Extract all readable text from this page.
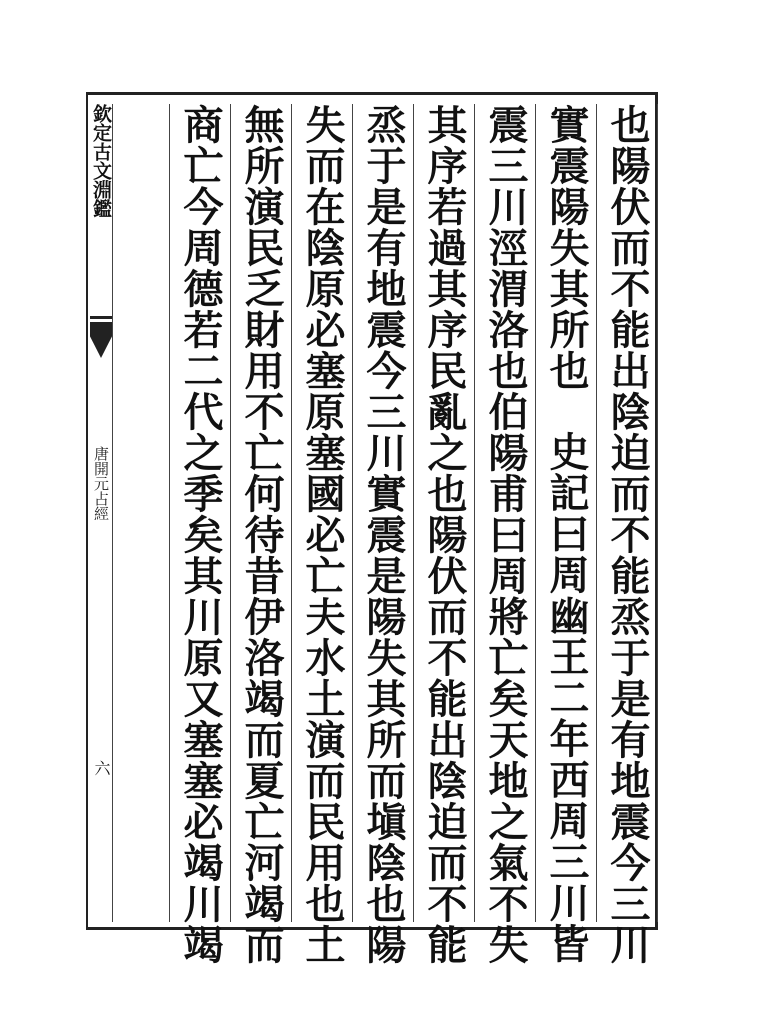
欽定古文淵鑑
唐開元占經
六	也陽伏而不能出陰迫而不能烝于是有地震今三川
實震陽失其所也史記曰周幽王二年西周三川皆
震三川涇渭洛也伯陽甫曰周將亡矣天地之氣不失
其序若過其序民亂之也陽伏而不能出陰迫而不能
烝于是有地震今三川實震是陽失其所而塡陰也陽
失而在陰原必塞原塞國必亡夫水土演而民用也土
無所演民乏財用不亡何待昔伊洛竭而夏亡河竭而
商亡今周德若二代之季矣其川原又塞塞必竭川竭
